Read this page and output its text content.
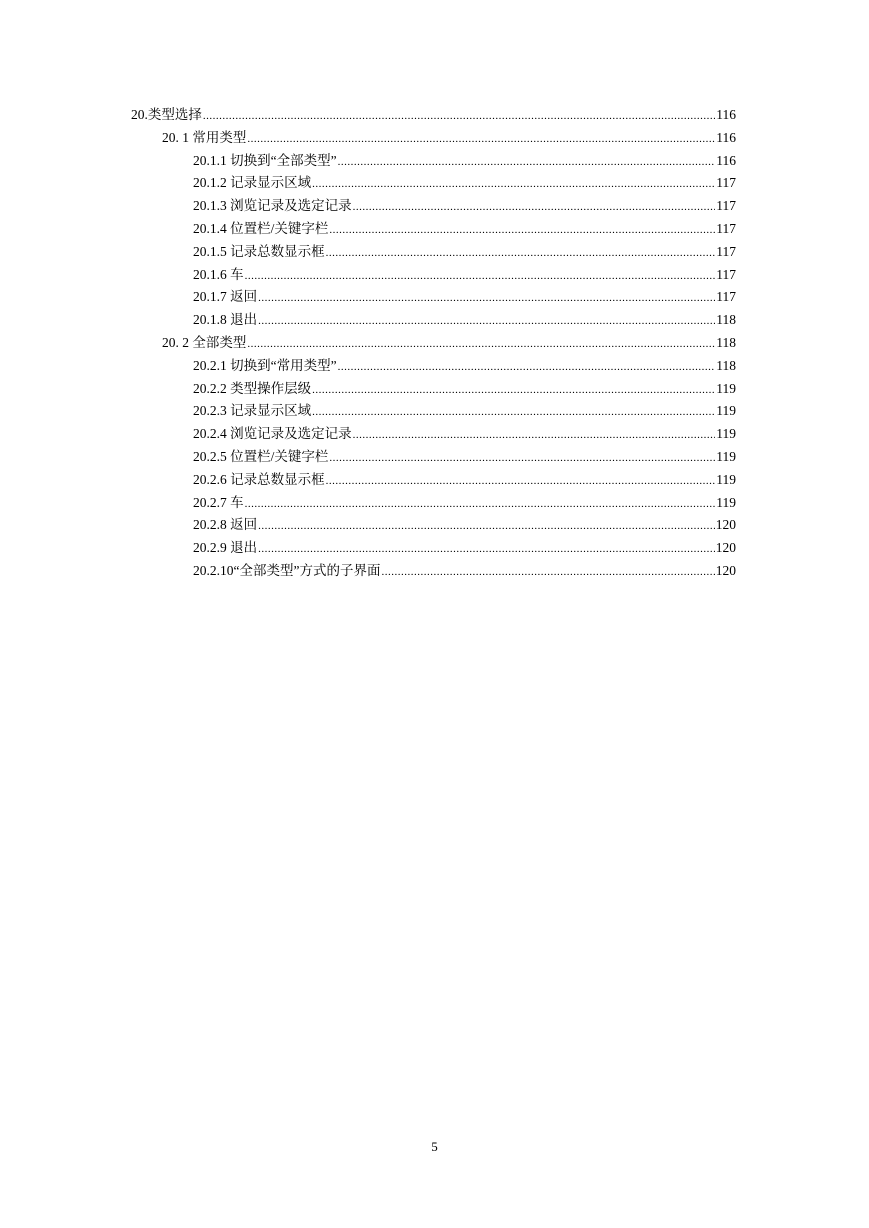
20.类型选择 .....	116
20. 1 常用类型 .....	116
20.1.1 切换到“全部类型” .....	116
20.1.2 记录显示区域 .....	117
20.1.3 浏览记录及选定记录 .....	117
20.1.4 位置栏/关键字栏 .....	117
20.1.5 记录总数显示框 .....	117
20.1.6 车 .....	117
20.1.7 返回 .....	117
20.1.8 退出 .....	118
20. 2 全部类型 .....	118
20.2.1 切换到“常用类型” .....	118
20.2.2 类型操作层级 .....	119
20.2.3 记录显示区域 .....	119
20.2.4 浏览记录及选定记录 .....	119
20.2.5 位置栏/关键字栏 .....	119
20.2.6 记录总数显示框 .....	119
20.2.7 车 .....	119
20.2.8 返回 .....	120
20.2.9 退出 .....	120
20.2.10“全部类型”方式的子界面 .....	120
5
